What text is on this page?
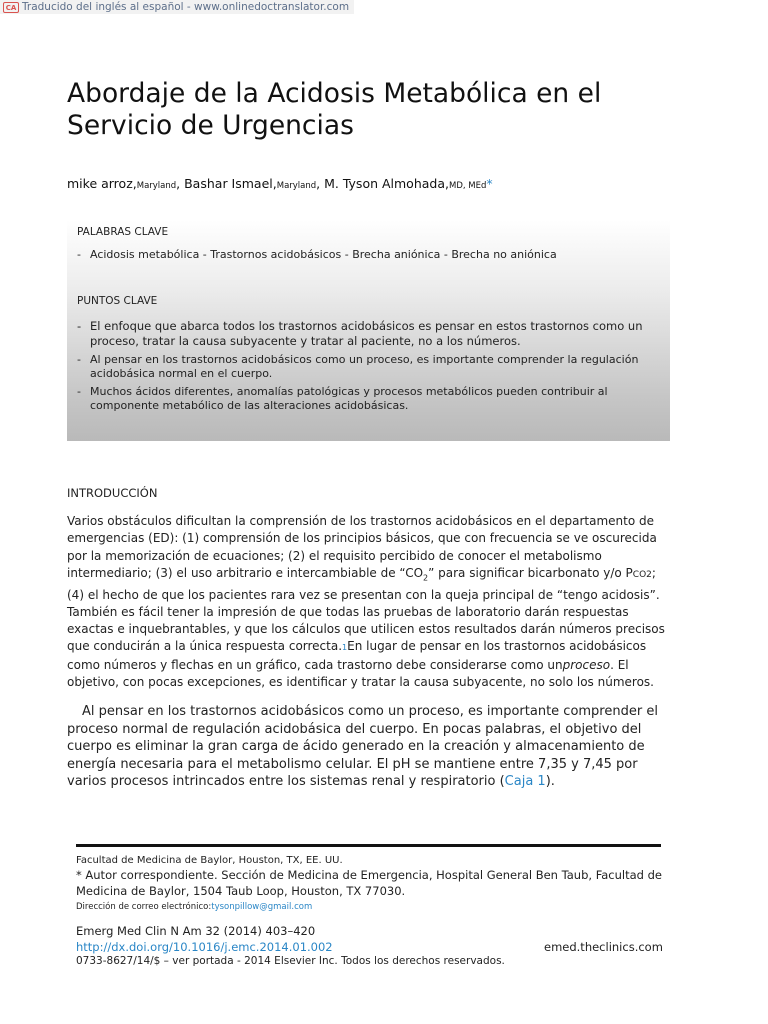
CA Traducido del inglés al español - www.onlinedoctranslator.com
Abordaje de la Acidosis Metabólica en el Servicio de Urgencias
mike arroz,Maryland, Bashar Ismael,Maryland, M. Tyson Almohada,MD, MEd*
PALABRAS CLAVE
- Acidosis metabólica - Trastornos acidobásicos - Brecha aniónica - Brecha no aniónica
PUNTOS CLAVE
- El enfoque que abarca todos los trastornos acidobásicos es pensar en estos trastornos como un proceso, tratar la causa subyacente y tratar al paciente, no a los números.
- Al pensar en los trastornos acidobásicos como un proceso, es importante comprender la regulación acidobásica normal en el cuerpo.
- Muchos ácidos diferentes, anomalías patológicas y procesos metabólicos pueden contribuir al componente metabólico de las alteraciones acidobásicas.
INTRODUCCIÓN
Varios obstáculos dificultan la comprensión de los trastornos acidobásicos en el departamento de emergencias (ED): (1) comprensión de los principios básicos, que con frecuencia se ve oscurecida por la memorización de ecuaciones; (2) el requisito percibido de conocer el metabolismo intermediario; (3) el uso arbitrario e intercambiable de “$CO_2$” para significar bicarbonato y/o PCO2; (4) el hecho de que los pacientes rara vez se presentan con la queja principal de “tengo acidosis”. También es fácil tener la impresión de que todas las pruebas de laboratorio darán respuestas exactas e inquebrantables, y que los cálculos que utilicen estos resultados darán números precisos que conducirán a la única respuesta correcta.1En lugar de pensar en los trastornos acidobásicos como números y flechas en un gráfico, cada trastorno debe considerarse como unproceso. El objetivo, con pocas excepciones, es identificar y tratar la causa subyacente, no solo los números.
Al pensar en los trastornos acidobásicos como un proceso, es importante comprender el proceso normal de regulación acidobásica del cuerpo. En pocas palabras, el objetivo del cuerpo es eliminar la gran carga de ácido generado en la creación y almacenamiento de energía necesaria para el metabolismo celular. El pH se mantiene entre 7,35 y 7,45 por varios procesos intrincados entre los sistemas renal y respiratorio (Caja 1).
Facultad de Medicina de Baylor, Houston, TX, EE. UU.
* Autor correspondiente. Sección de Medicina de Emergencia, Hospital General Ben Taub, Facultad de Medicina de Baylor, 1504 Taub Loop, Houston, TX 77030.
Dirección de correo electrónico:tysonpillow@gmail.com
Emerg Med Clin N Am 32 (2014) 403–420
http://dx.doi.org/10.1016/j.emc.2014.01.002	emed.theclinics.com
0733-8627/14/$ – ver portada - 2014 Elsevier Inc. Todos los derechos reservados.
